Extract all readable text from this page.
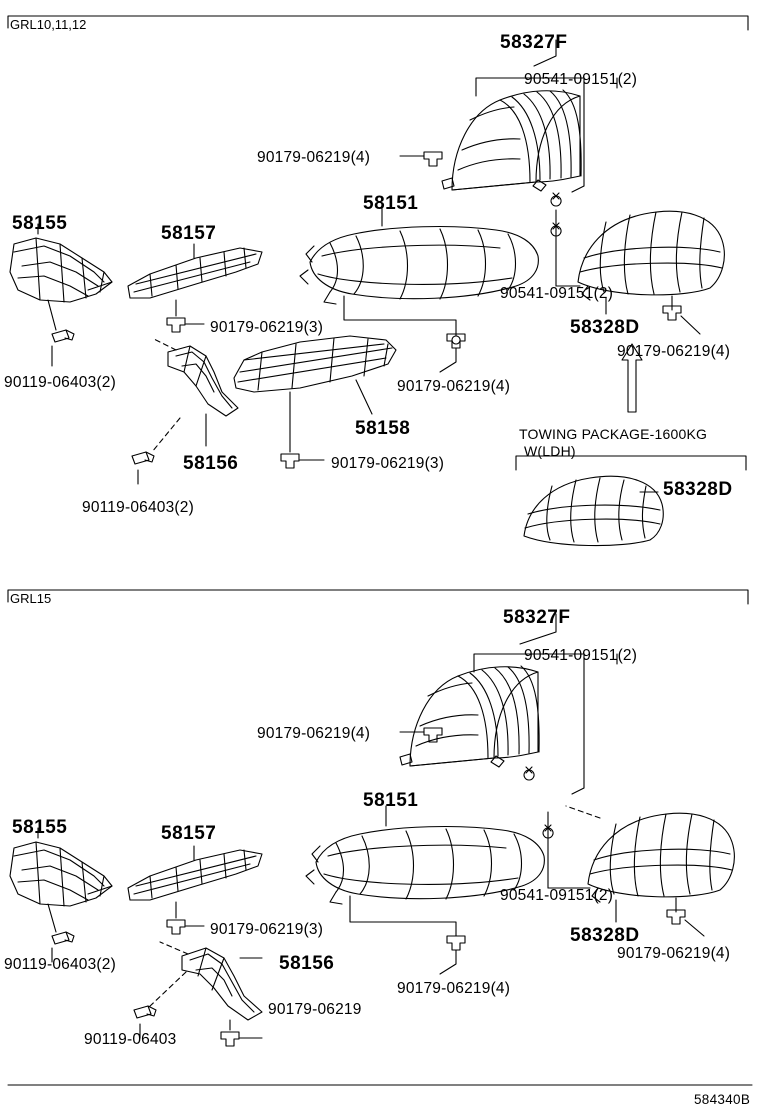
GRL10,11,12
58327F
90541-09151(2)
90179-06219(4)
58151
58155	58157
90541-09151(2)
58328D
90179-06219(3)
90179-06219(4)
90119-06403(2)	90179-06219(4)
58158
58156	90179-06219(3)
90119-06403(2)
58328D
TOWING PACKAGE-1600KG
W(LDH)
GRL15
58327F
90541-09151(2)
90179-06219(4)
58151
58155	58157
90541-09151(2)
90179-06219(3)	58328D
90179-06219(4)
58156
90119-06403(2)
90179-06219(4)
90179-06219
90119-06403
584340B
